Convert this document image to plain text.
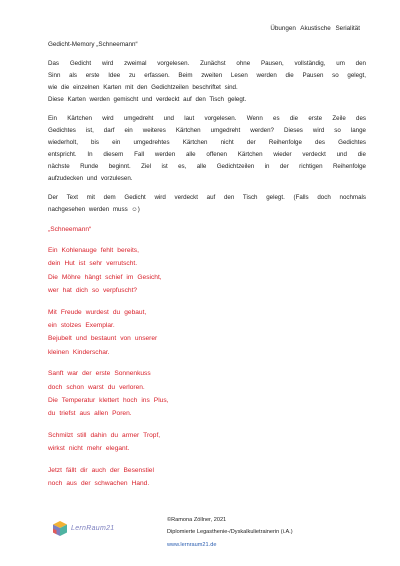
Übungen Akustische Serialität
Gedicht-Memory „Schneemann“
Das Gedicht wird zweimal vorgelesen. Zunächst ohne Pausen, vollständig, um den
Sinn als erste Idee zu erfassen. Beim zweiten Lesen werden die Pausen so gelegt,
wie die einzelnen Karten mit den Gedichtzeilen beschriftet sind.
Diese Karten werden gemischt und verdeckt auf den Tisch gelegt.
Ein Kärtchen wird umgedreht und laut vorgelesen. Wenn es die erste Zeile des
Gedichtes ist, darf ein weiteres Kärtchen umgedreht werden? Dieses wird so lange
wiederholt, bis ein umgedrehtes Kärtchen nicht der Reihenfolge des Gedichtes
entspricht. In diesem Fall werden alle offenen Kärtchen wieder verdeckt und die
nächste Runde beginnt. Ziel ist es, alle Gedichtzeilen in der richtigen Reihenfolge
aufzudecken und vorzulesen.
Der Text mit dem Gedicht wird verdeckt auf den Tisch gelegt. (Falls doch nochmals
nachgesehen werden muss ☺)
„Schneemann“
Ein Kohlenauge fehlt bereits,
dein Hut ist sehr verrutscht.
Die Möhre hängt schief im Gesicht,
wer hat dich so verpfuscht?
Mit Freude wurdest du gebaut,
ein stolzes Exemplar.
Bejubelt und bestaunt von unserer
kleinen Kinderschar.
Sanft war der erste Sonnenkuss
doch schon warst du verloren.
Die Temperatur klettert hoch ins Plus,
du triefst aus allen Poren.
Schmilzt still dahin du armer Tropf,
wirkst nicht mehr elegant.
Jetzt fällt dir auch der Besenstiel
noch aus der schwachen Hand.
LernRaum21
©Ramona Zöllner, 2021
Diplomierte Legasthenie-/Dyskalkulietrainerin (i.A.)
www.lernraum21.de
